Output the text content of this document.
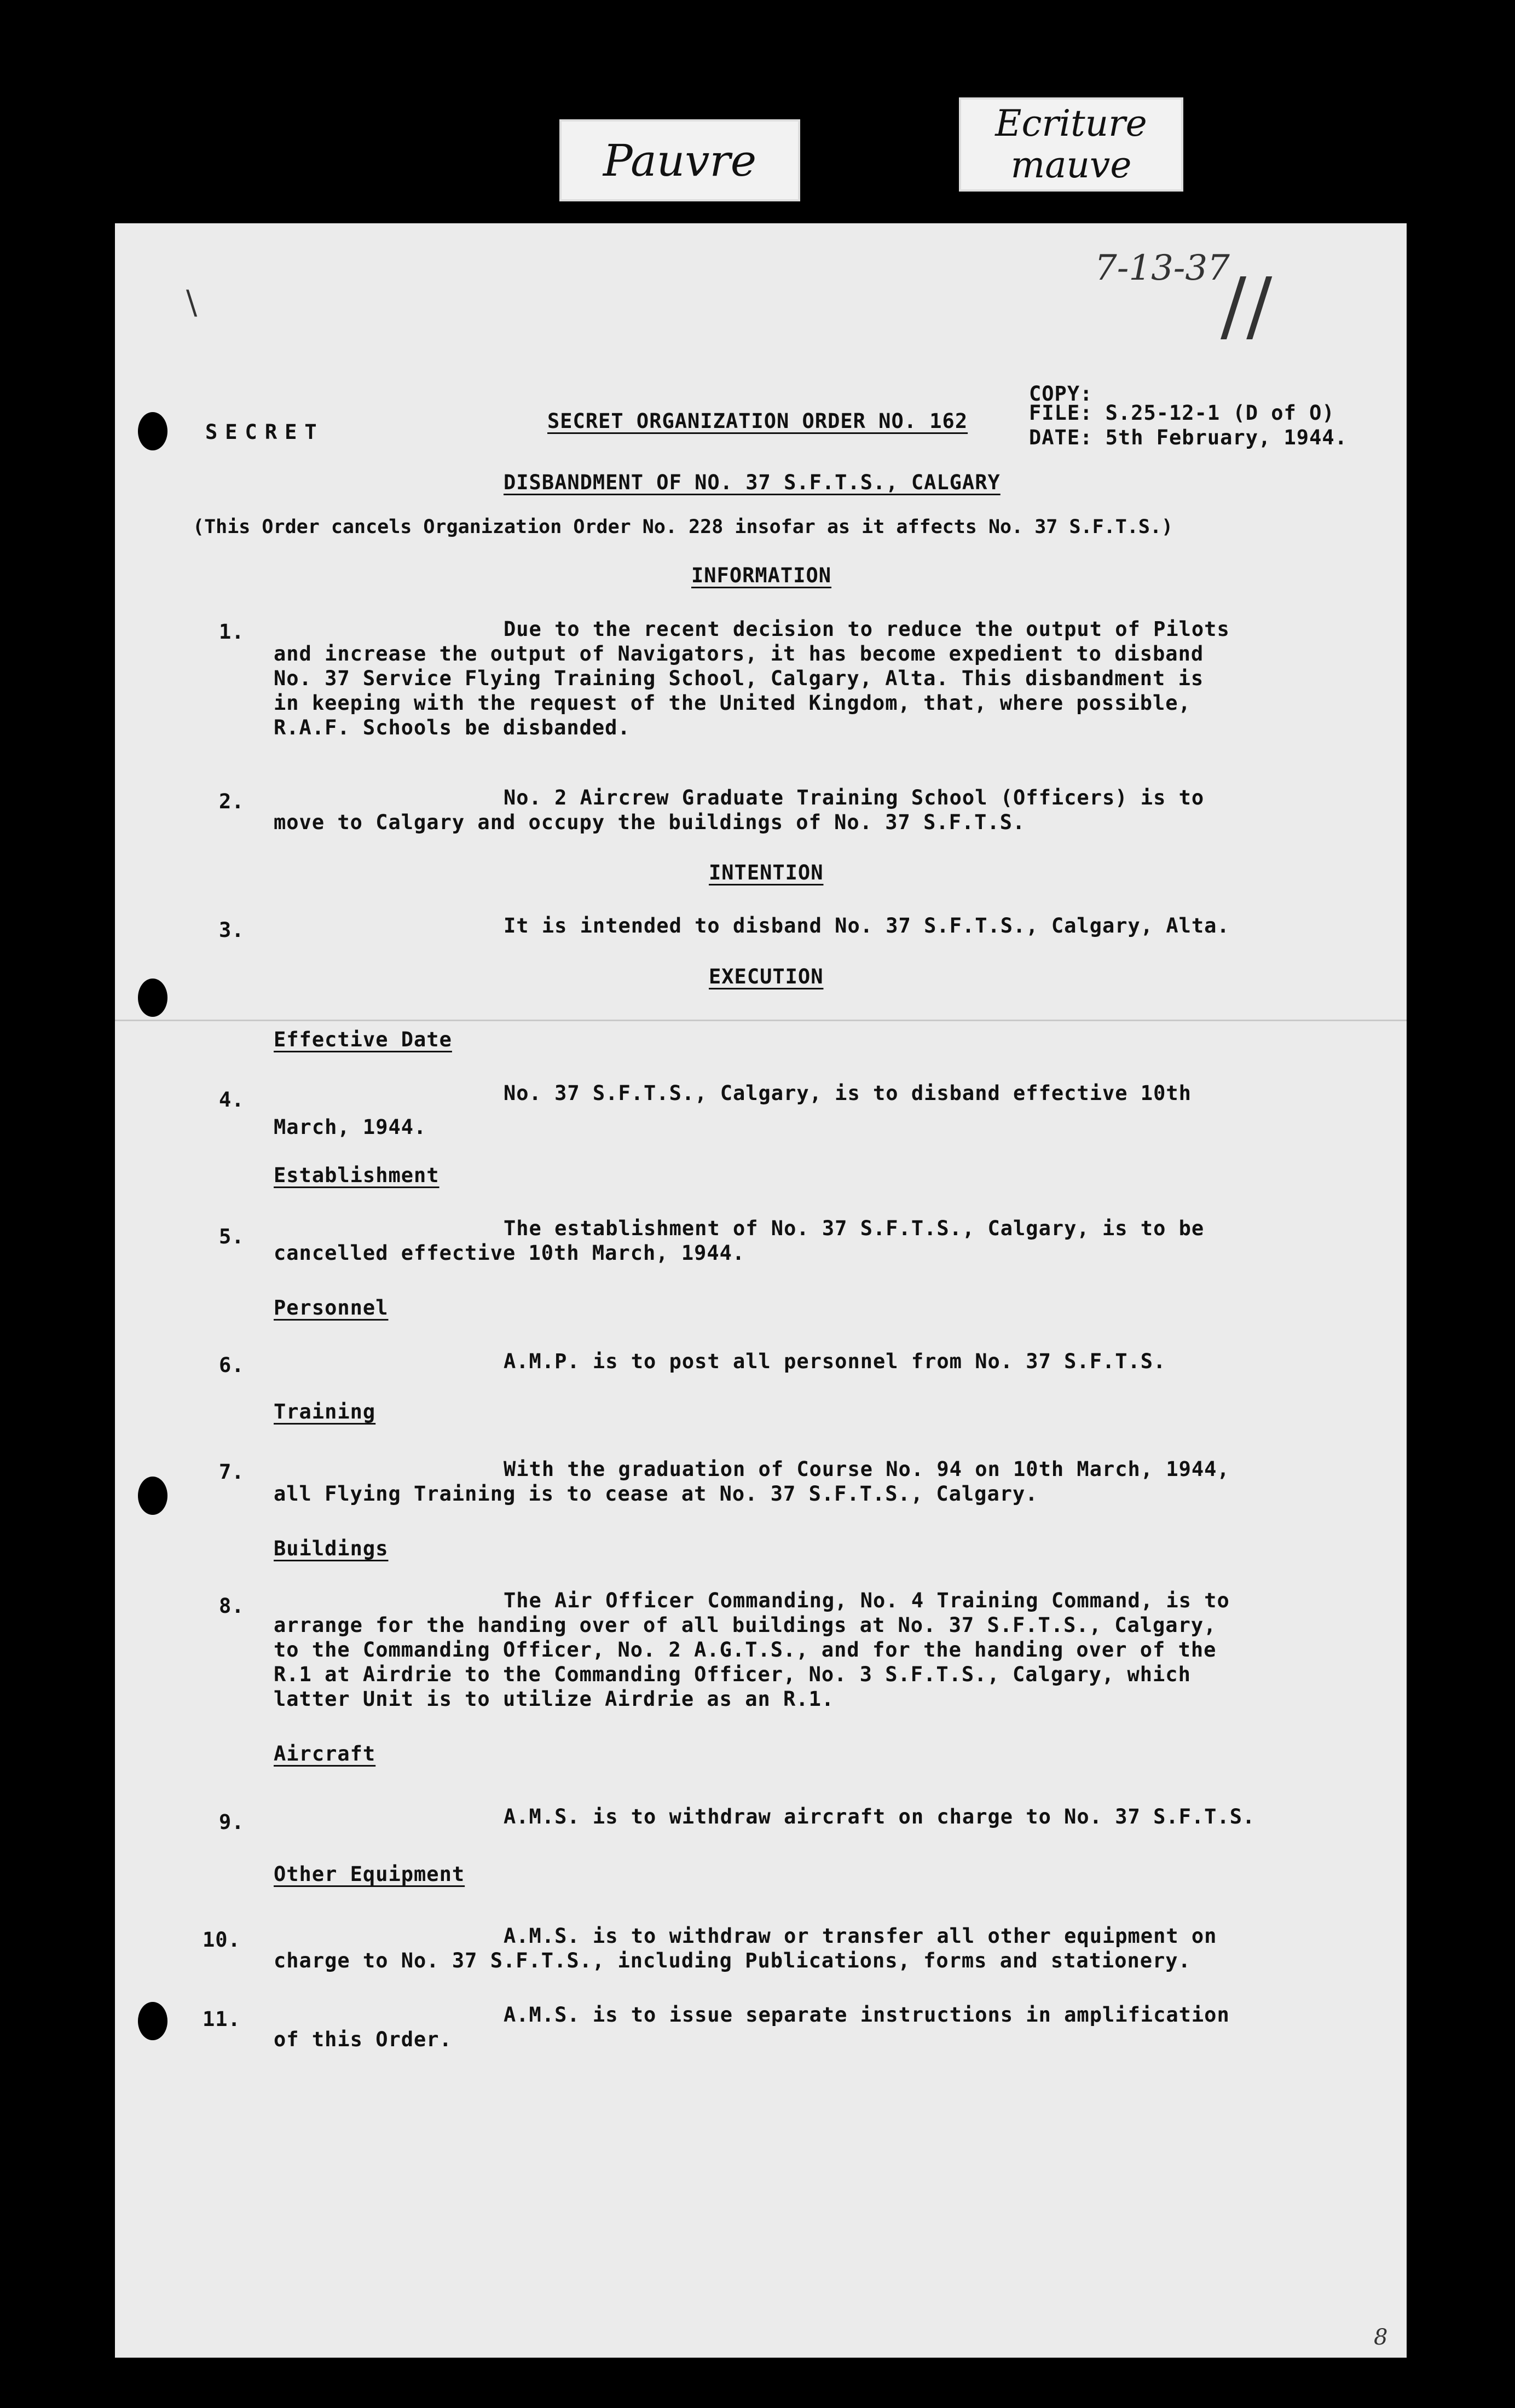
Pauvre
Ecriture
mauve
7-13-37
//
8
\
SECRET	SECRET ORGANIZATION ORDER NO. 162
COPY:
FILE: S.25-12-1 (D of O)
DATE: 5th February, 1944.
DISBANDMENT OF NO. 37 S.F.T.S., CALGARY
(This Order cancels Organization Order No. 228 insofar as it affects No. 37 S.F.T.S.)
INFORMATION
1.	Due to the recent decision to reduce the output of Pilots
and increase the output of Navigators, it has become expedient to disband
No. 37 Service Flying Training School, Calgary, Alta. This disbandment is
in keeping with the request of the United Kingdom, that, where possible,
R.A.F. Schools be disbanded.
2.	No. 2 Aircrew Graduate Training School (Officers) is to
move to Calgary and occupy the buildings of No. 37 S.F.T.S.
INTENTION
3.	It is intended to disband No. 37 S.F.T.S., Calgary, Alta.
EXECUTION
Effective Date
4.	No. 37 S.F.T.S., Calgary, is to disband effective 10th
March, 1944.
Establishment
5.	The establishment of No. 37 S.F.T.S., Calgary, is to be
cancelled effective 10th March, 1944.
Personnel
6.	A.M.P. is to post all personnel from No. 37 S.F.T.S.
Training
7.	With the graduation of Course No. 94 on 10th March, 1944,
all Flying Training is to cease at No. 37 S.F.T.S., Calgary.
Buildings
8.	The Air Officer Commanding, No. 4 Training Command, is to
arrange for the handing over of all buildings at No. 37 S.F.T.S., Calgary,
to the Commanding Officer, No. 2 A.G.T.S., and for the handing over of the
R.1 at Airdrie to the Commanding Officer, No. 3 S.F.T.S., Calgary, which
latter Unit is to utilize Airdrie as an R.1.
Aircraft
9.	A.M.S. is to withdraw aircraft on charge to No. 37 S.F.T.S.
Other Equipment
10.	A.M.S. is to withdraw or transfer all other equipment on
charge to No. 37 S.F.T.S., including Publications, forms and stationery.
11.	A.M.S. is to issue separate instructions in amplification
of this Order.
